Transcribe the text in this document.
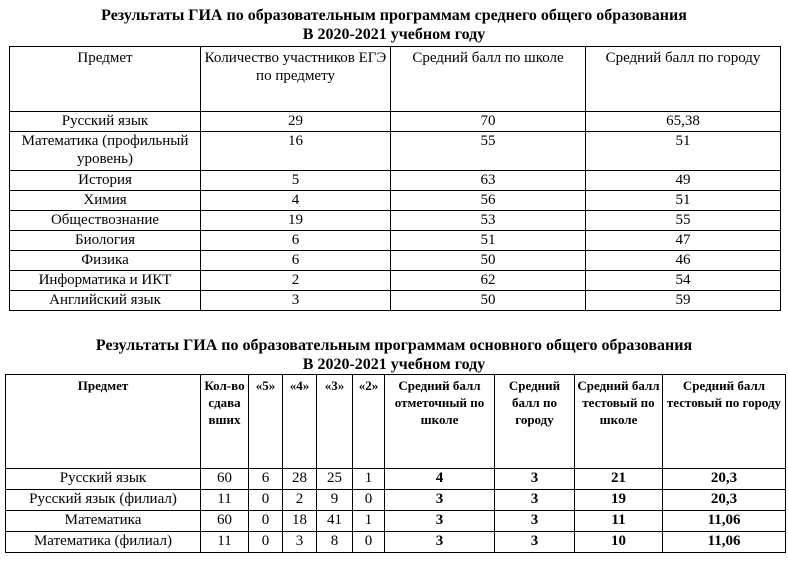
Результаты ГИА по образовательным программам среднего общего образования
В 2020-2021 учебном году
Предмет	Количество участников ЕГЭ по предмету	Средний балл по школе	Средний балл по городу
Русский язык	29	70	65,38
Математика (профильный уровень)	16	55	51
История	5	63	49
Химия	4	56	51
Обществознание	19	53	55
Биология	6	51	47
Физика	6	50	46
Информатика и ИКТ	2	62	54
Английский язык	3	50	59
Результаты ГИА по образовательным программам основного общего образования
В 2020-2021 учебном году
Предмет	Кол-во сдава вших	«5»	«4»	«3»	«2»	Средний балл отметочный по школе	Средний балл по городу	Средний балл тестовый по школе	Средний балл тестовый по городу
Русский язык	60	6	28	25	1	4	3	21	20,3
Русский язык (филиал)	11	0	2	9	0	3	3	19	20,3
Математика	60	0	18	41	1	3	3	11	11,06
Математика (филиал)	11	0	3	8	0	3	3	10	11,06
